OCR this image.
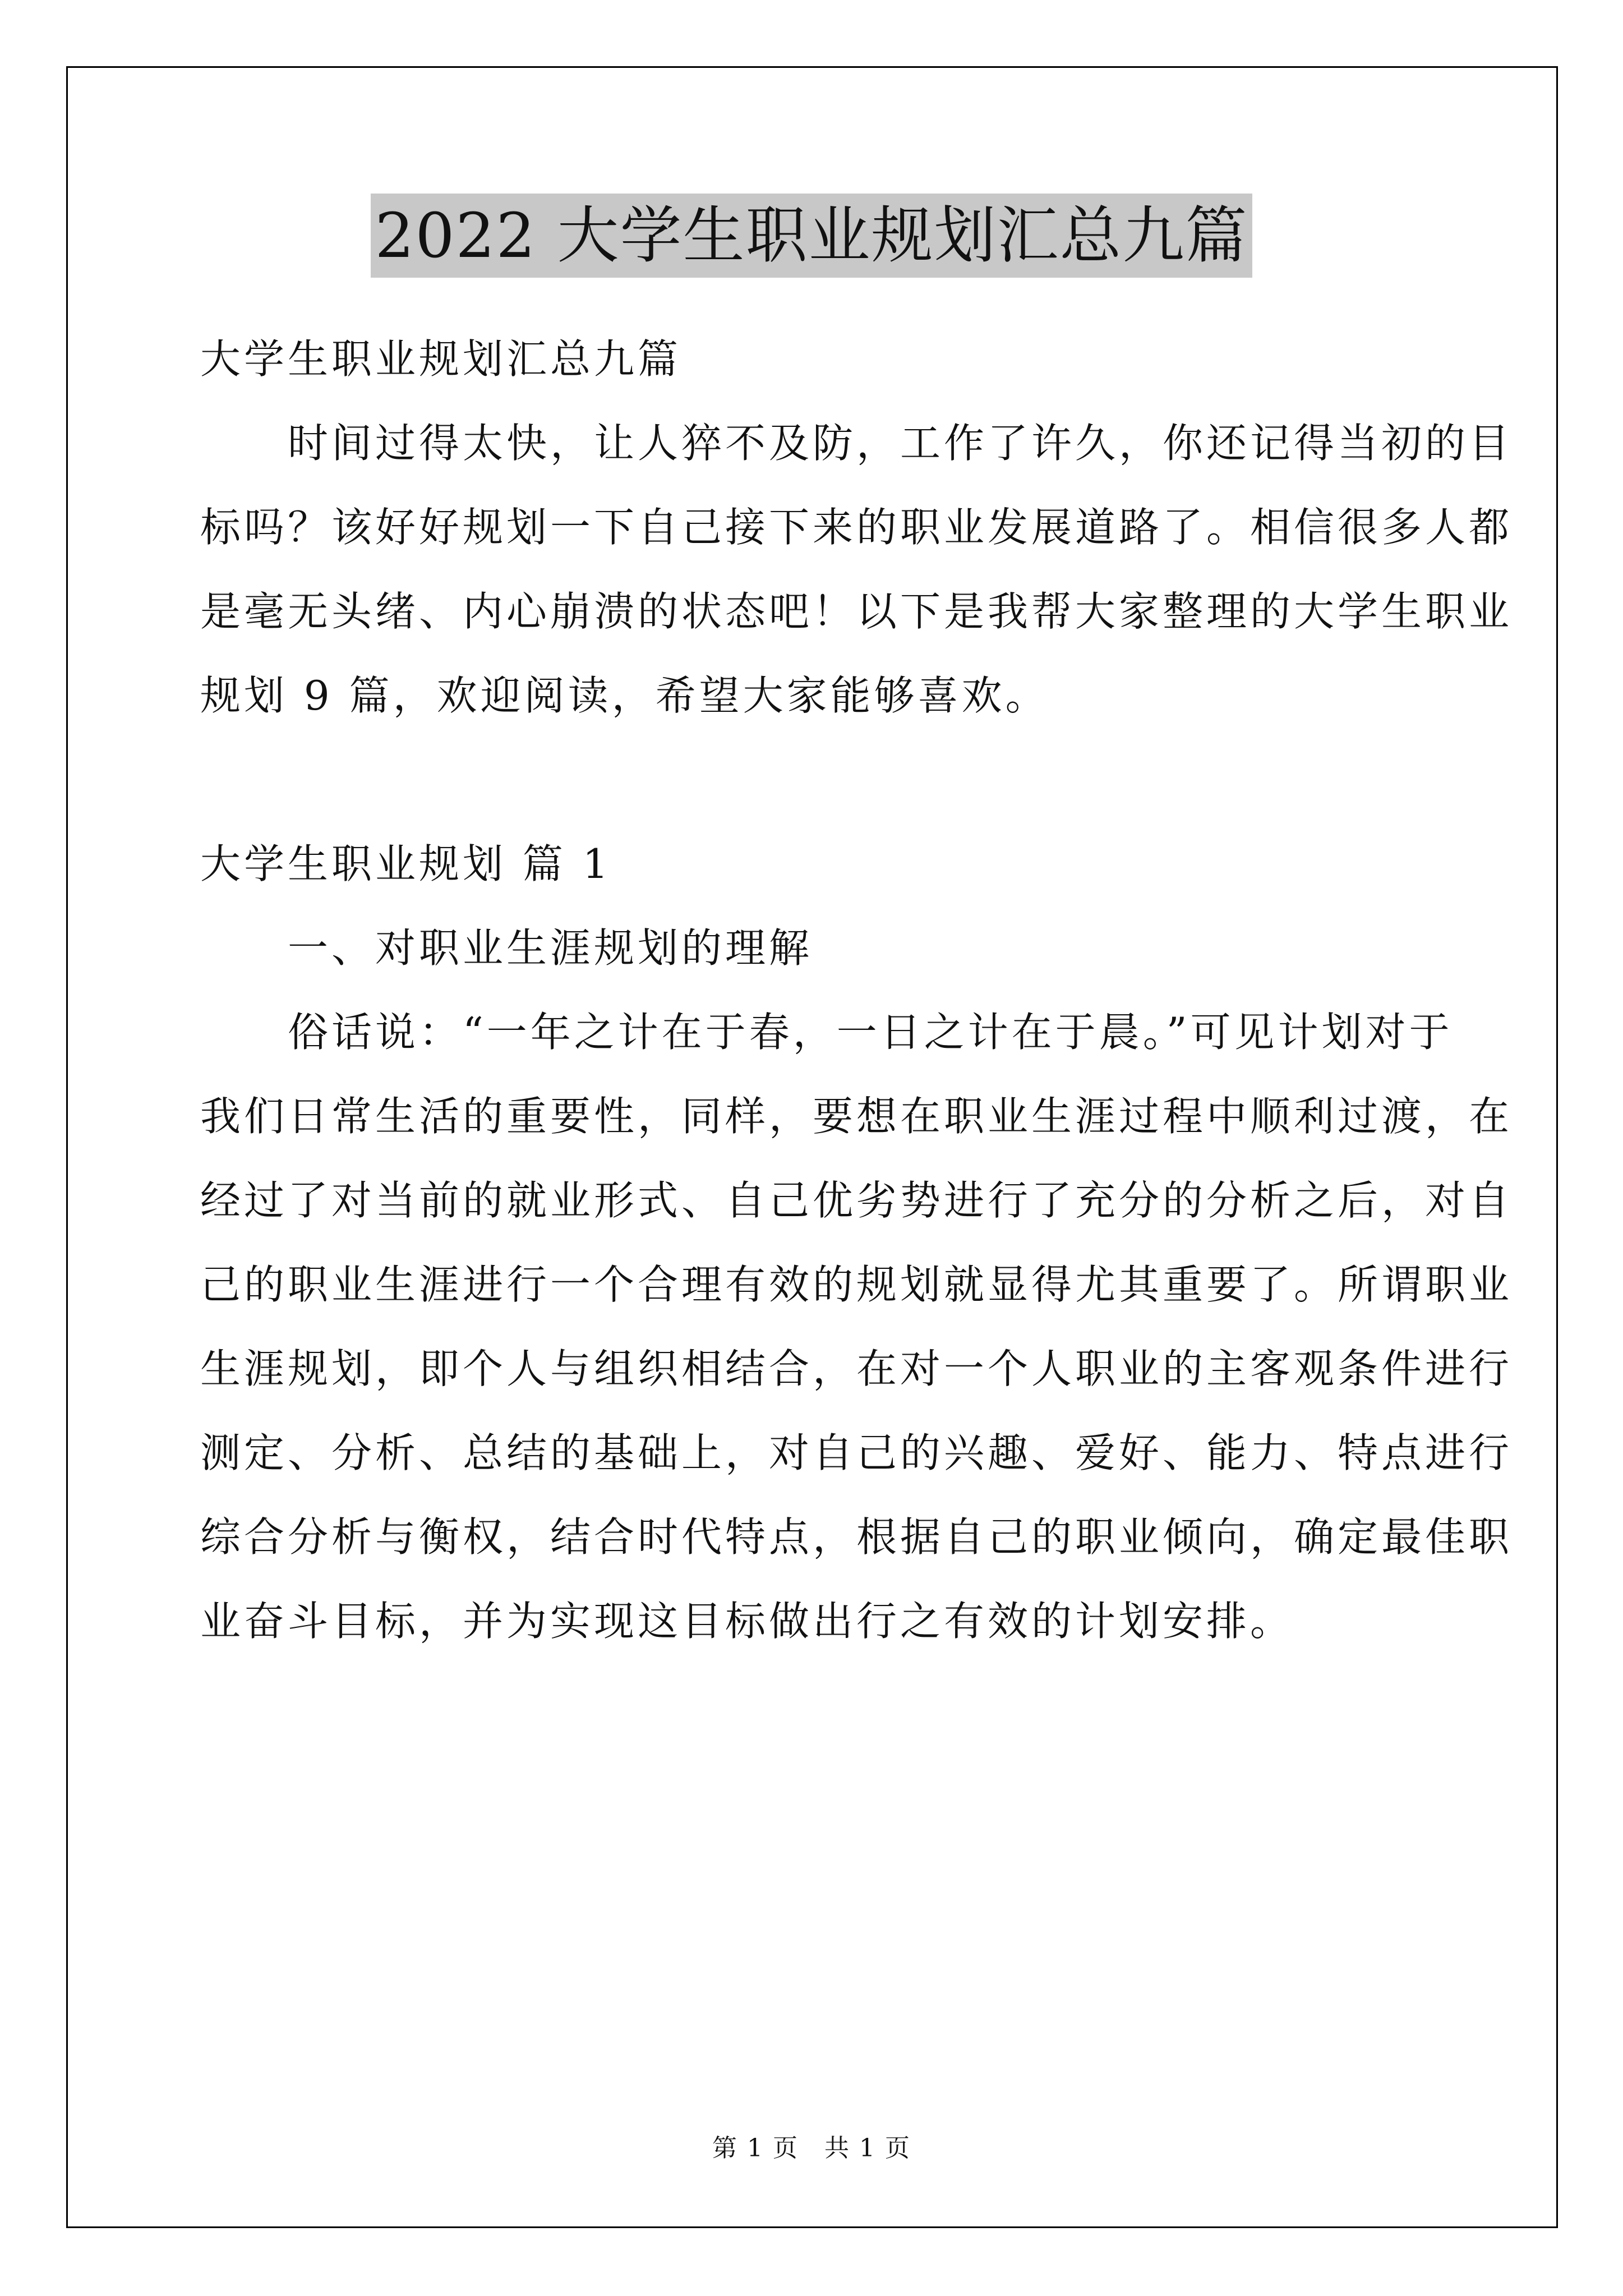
2022 大学生职业规划汇总九篇
大学生职业规划汇总九篇
　　时间过得太快，让人猝不及防，工作了许久，你还记得当初的目
标吗？该好好规划一下自己接下来的职业发展道路了。相信很多人都
是毫无头绪、内心崩溃的状态吧！以下是我帮大家整理的大学生职业
规划 9 篇，欢迎阅读，希望大家能够喜欢。
大学生职业规划 篇 1
　　一、对职业生涯规划的理解
　　俗话说：“一年之计在于春，一日之计在于晨。”可见计划对于
我们日常生活的重要性，同样，要想在职业生涯过程中顺利过渡，在
经过了对当前的就业形式、自己优劣势进行了充分的分析之后，对自
己的职业生涯进行一个合理有效的规划就显得尤其重要了。所谓职业
生涯规划，即个人与组织相结合，在对一个人职业的主客观条件进行
测定、分析、总结的基础上，对自己的兴趣、爱好、能力、特点进行
综合分析与衡权，结合时代特点，根据自己的职业倾向，确定最佳职
业奋斗目标，并为实现这目标做出行之有效的计划安排。
第 1 页　共 1 页
